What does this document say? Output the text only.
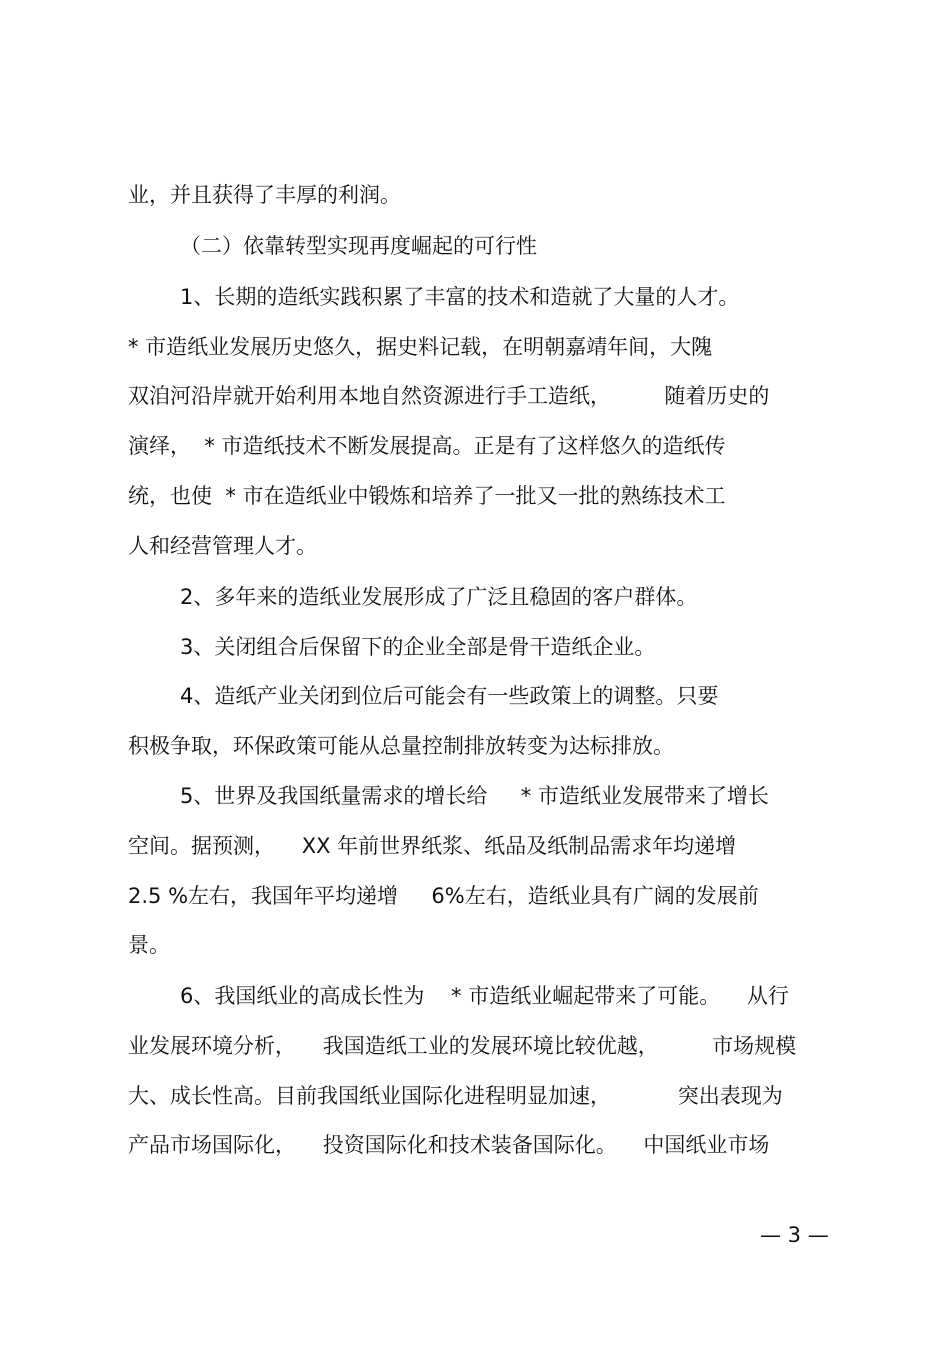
业，并且获得了丰厚的利润。
（二）依靠转型实现再度崛起的可行性
1、长期的造纸实践积累了丰富的技术和造就了大量的人才。
* 市造纸业发展历史悠久，据史料记载，在明朝嘉靖年间，大隗
双洎河沿岸就开始利用本地自然资源进行手工造纸，        随着历史的
演绎，  * 市造纸技术不断发展提高。正是有了这样悠久的造纸传
统，也使  * 市在造纸业中锻炼和培养了一批又一批的熟练技术工
人和经营管理人才。
2、多年来的造纸业发展形成了广泛且稳固的客户群体。
3、关闭组合后保留下的企业全部是骨干造纸企业。
4、造纸产业关闭到位后可能会有一些政策上的调整。只要
积极争取，环保政策可能从总量控制排放转变为达标排放。
5、世界及我国纸量需求的增长给     * 市造纸业发展带来了增长
空间。据预测，    XX 年前世界纸浆、纸品及纸制品需求年均递增
2.5 %左右，我国年平均递增     6%左右，造纸业具有广阔的发展前
景。
6、我国纸业的高成长性为    * 市造纸业崛起带来了可能。    从行
业发展环境分析，    我国造纸工业的发展环境比较优越，        市场规模
大、成长性高。目前我国纸业国际化进程明显加速，          突出表现为
产品市场国际化，    投资国际化和技术装备国际化。    中国纸业市场
— 3 —
